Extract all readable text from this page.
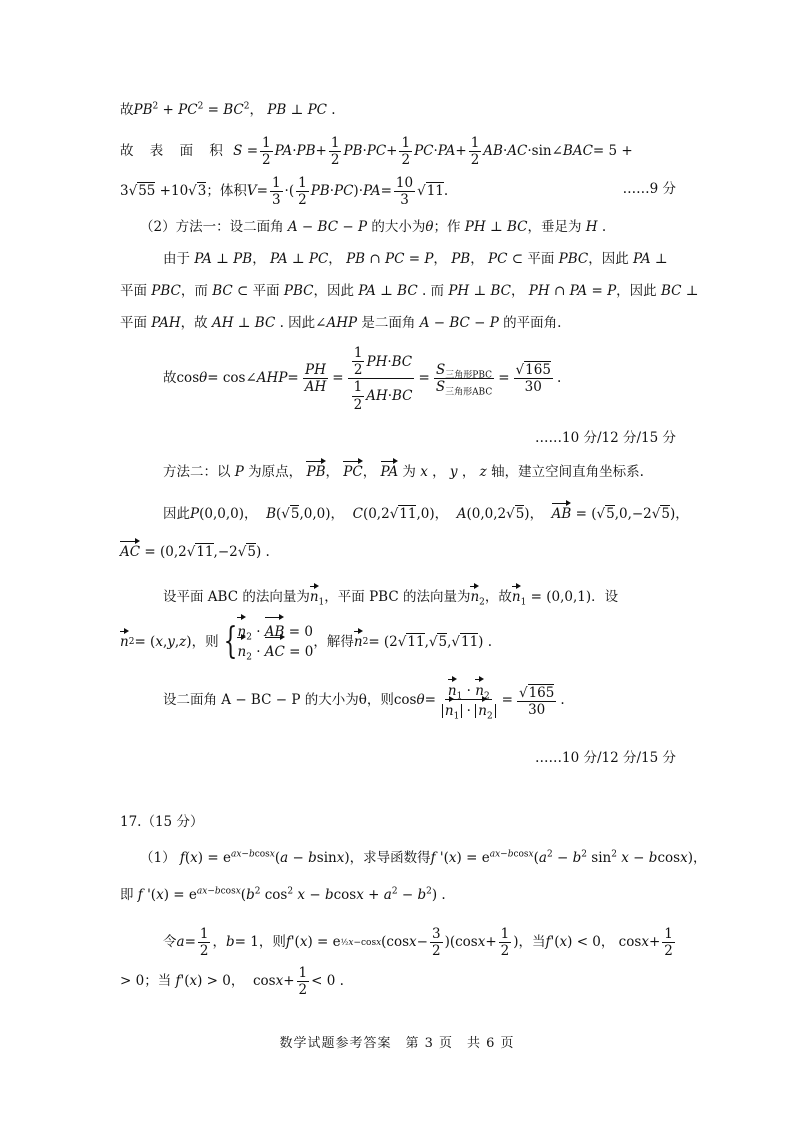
故$PB^2 + PC^2 = BC^2$， PB ⊥ PC .
故 表 面 积
$S = \frac{1}{2}$ PA · PB + $\frac{1}{2}$ PB · PC + $\frac{1}{2}$ PC · PA + $\frac{1}{2}$ AB · AC ·sin∠ BAC = 5 +
3 √55 +10 √3 ；体积 $V = \frac{1}{3}$ ·( $\frac{1}{2}$ PB · PC )· PA = $\frac{10}{3} √11$ .	……9 分
（2）方法一：设二面角 A − BC − P 的大小为θ；作 PH ⊥ BC，垂足为 H .
由于 PA ⊥ PB， PA ⊥ PC， PB ∩ PC = P， PB， PC ⊂ 平面 PBC，因此 PA ⊥
平面 PBC，而 BC ⊂ 平面 PBC，因此 PA ⊥ BC . 而 PH ⊥ BC， PH ∩ PA = P，因此 BC ⊥
平面 PAH，故 AH ⊥ BC . 因此∠AHP 是二面角 A − BC − P 的平面角.
故cos θ = cos∠ AHP = $\frac{PH}{AH} = \frac{\frac{1}{2} PH \cdot BC}{\frac{1}{2} AH \cdot BC} = \frac{S_{三角形PBC}}{S_{三角形ABC}} = \frac{√165}{30}$ .
……10 分/12 分/15 分
方法二：以 P 为原点，
PB，
PC，
PA 为 x ， y ， z 轴，建立空间直角坐标系.
因此P(0,0,0)，  B(√5,0,0)，  C(0,2√11,0)，  A(0,0,2√5)，
AB = (√5,0,−2√5)，
AC = (0,2√11,−2√5) .
设平面 ABC 的法向量为
$n_1$，平面 PBC 的法向量为
$n_2$，故
$n_1 = (0,0,1)$．设
n 2 = ( x , y , z ) ，则 { $n_2$ ·
AB = 0
$n_2$ ·
AC = 0
，解得 n 2 = (2 √11 , √5 , √11 ) .
设二面角 A − BC − P 的大小为θ，则 $\cos \theta = n_1$ ·
$n_2$
$n_1$ ·
$n_2 = \frac{√165}{30}$ .
……10 分/12 分/15 分
17.（15 分）
（1） $f(x) = e^{ax-bcosx}(a - bsinx)$，求导函数得f '$(x) = e^{ax-bcosx}(a^2 - b^2$ $\sin^2 x - bcosx$)，
即 f '$(x) = e^{ax-bcosx}(b^2$ $\cos^2 x - bcosx + a^2 - b^2$) .
令 $a = \frac{1}{2}$ ， b = 1 ，则 f '( x ) = e ½x−cosx (cos $x - \frac{3}{2} )(\cos$ $x + \frac{1}{2}$ ) ，当 f '( x ) < 0， $\cos x + \frac{1}{2}$
> 0；当
f '( x ) > 0，  $\cos x + \frac{1}{2} < 0$ .
数学试题参考答案　第 3 页　共 6 页
